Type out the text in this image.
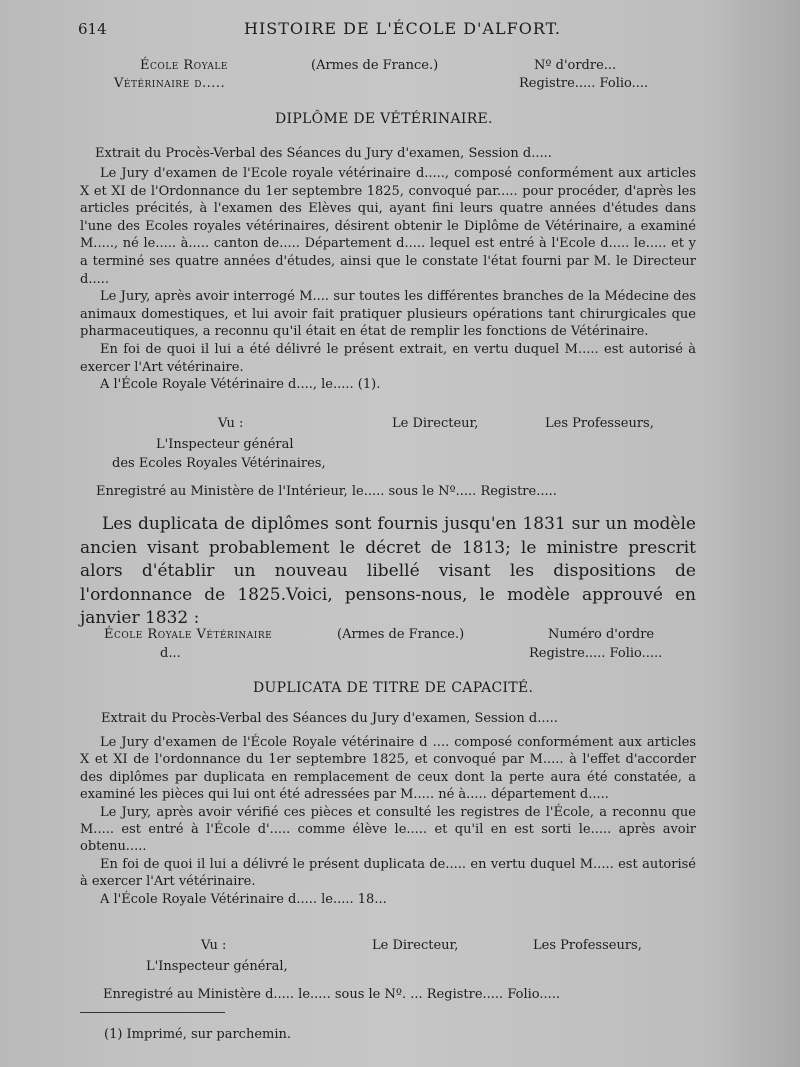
614	HISTOIRE DE L'ÉCOLE D'ALFORT.
École Royale
Vétérinaire d.....
(Armes de France.)	Nº d'ordre...
Registre..... Folio....
DIPLÔME DE VÉTÉRINAIRE.
Extrait du Procès-Verbal des Séances du Jury d'examen, Session d.....

Le Jury d'examen de l'Ecole royale vétérinaire d....., composé conformément aux articles X et XI de l'Ordonnance du 1er septembre 1825, convoqué par..... pour procéder, d'après les articles précités, à l'examen des Elèves qui, ayant fini leurs quatre années d'études dans l'une des Ecoles royales vétérinaires, désirent obtenir le Diplôme de Vétérinaire, a examiné M....., né le..... à..... canton de..... Département d..... lequel est entré à l'Ecole d..... le..... et y a terminé ses quatre années d'études, ainsi que le constate l'état fourni par M. le Directeur d.....

Le Jury, après avoir interrogé M.... sur toutes les différentes branches de la Médecine des animaux domestiques, et lui avoir fait pratiquer plusieurs opérations tant chirurgicales que pharmaceutiques, a reconnu qu'il était en état de remplir les fonctions de Vétérinaire.

En foi de quoi il lui a été délivré le présent extrait, en vertu duquel M..... est autorisé à exercer l'Art vétérinaire.

A l'École Royale Vétérinaire d...., le..... (1).

Vu :	Le Directeur,	Les Professeurs,
L'Inspecteur général
des Ecoles Royales Vétérinaires,
Enregistré au Ministère de l'Intérieur, le..... sous le Nº..... Registre.....

Les duplicata de diplômes sont fournis jusqu'en 1831 sur un modèle ancien visant probablement le décret de 1813; le ministre prescrit alors d'établir un nouveau libellé visant les dispositions de l'ordonnance de 1825.Voici, pensons-nous, le modèle approuvé en janvier 1832 :

École Royale Vétérinaire
d...
(Armes de France.)	Numéro d'ordre
Registre..... Folio.....
DUPLICATA DE TITRE DE CAPACITÉ.
Extrait du Procès-Verbal des Séances du Jury d'examen, Session d.....

Le Jury d'examen de l'École Royale vétérinaire d .... composé conformément aux articles X et XI de l'ordonnance du 1er septembre 1825, et convoqué par M..... à l'effet d'accorder des diplômes par duplicata en remplacement de ceux dont la perte aura été constatée, a examiné les pièces qui lui ont été adressées par M..... né à..... département d.....

Le Jury, après avoir vérifié ces pièces et consulté les registres de l'École, a reconnu que M..... est entré à l'École d'..... comme élève le..... et qu'il en est sorti le..... après avoir obtenu.....

En foi de quoi il lui a délivré le présent duplicata de..... en vertu duquel M..... est autorisé à exercer l'Art vétérinaire.

A l'École Royale Vétérinaire d..... le..... 18...

Vu :	Le Directeur,	Les Professeurs,
L'Inspecteur général,
Enregistré au Ministère d..... le..... sous le Nº. ... Registre..... Folio.....
(1) Imprimé, sur parchemin.
